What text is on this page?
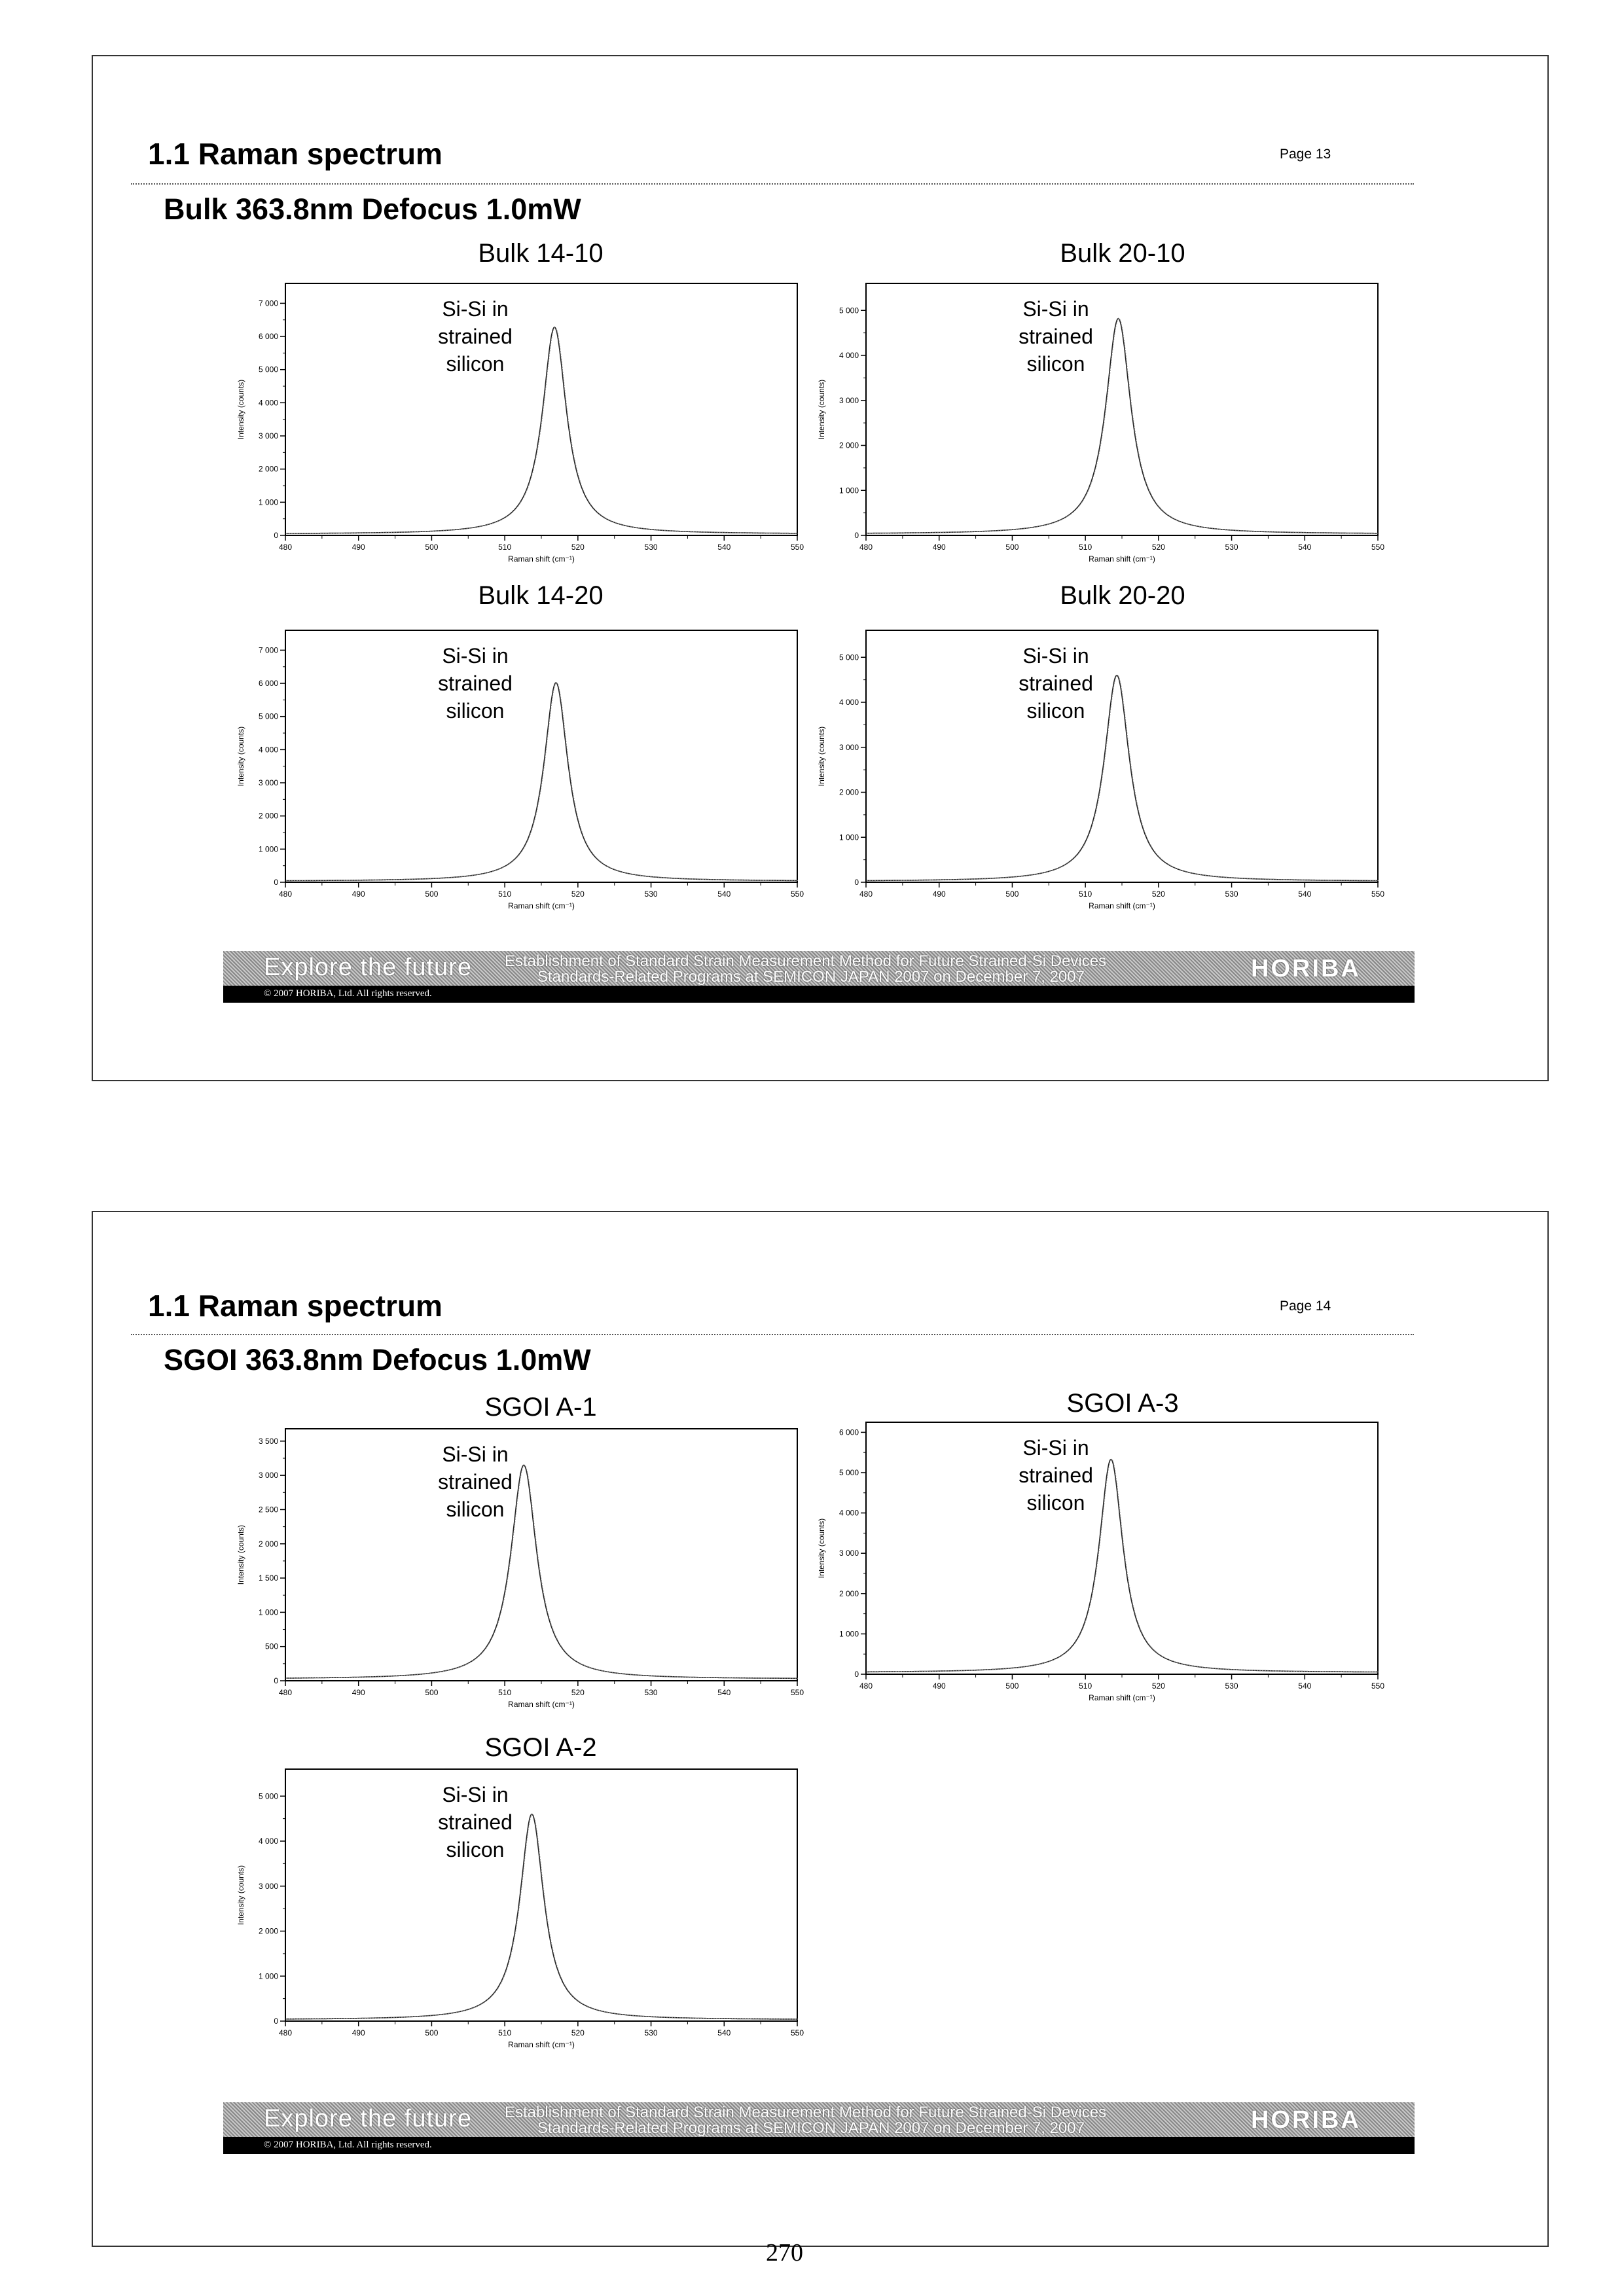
1.1 Raman spectrum	Page 13
Bulk 363.8nm Defocus 1.0mW
Bulk 14-10	Bulk 20-10
Bulk 14-20	Bulk 20-20
0
1 000
2 000
3 000
4 000
5 000
6 000
7 000
480	490	500	510	520	530	540	550
Raman shift (cm⁻¹)
Intensity (counts)
Si-Si in
strained
silicon
0
1 000
2 000
3 000
4 000
5 000
480	490	500	510	520	530	540	550
Raman shift (cm⁻¹)
Intensity (counts)
Si-Si in
strained
silicon
0
1 000
2 000
3 000
4 000
5 000
6 000
7 000
480	490	500	510	520	530	540	550
Raman shift (cm⁻¹)
Intensity (counts)
Si-Si in
strained
silicon
0
1 000
2 000
3 000
4 000
5 000
480	490	500	510	520	530	540	550
Raman shift (cm⁻¹)
Intensity (counts)
Si-Si in
strained
silicon
Explore the future Establishment of Standard Strain Measurement Method for Future Strained-Si Devices
Standards-Related Programs at SEMICON JAPAN 2007 on December 7, 2007	HORIBA
© 2007 HORIBA, Ltd. All rights reserved.
1.1 Raman spectrum	Page 14
SGOI 363.8nm Defocus 1.0mW
SGOI A-1	SGOI A-3
SGOI A-2
0
500
1 000
1 500
2 000
2 500
3 000
3 500
480	490	500	510	520	530	540	550
Raman shift (cm⁻¹)
Intensity (counts)
Si-Si in
strained
silicon
0
1 000
2 000
3 000
4 000
5 000
6 000
480	490	500	510	520	530	540	550
Raman shift (cm⁻¹)
Intensity (counts)
Si-Si in
strained
silicon
0
1 000
2 000
3 000
4 000
5 000
480	490	500	510	520	530	540	550
Raman shift (cm⁻¹)
Intensity (counts)
Si-Si in
strained
silicon
Explore the future Establishment of Standard Strain Measurement Method for Future Strained-Si Devices
Standards-Related Programs at SEMICON JAPAN 2007 on December 7, 2007	HORIBA
© 2007 HORIBA, Ltd. All rights reserved.
270
